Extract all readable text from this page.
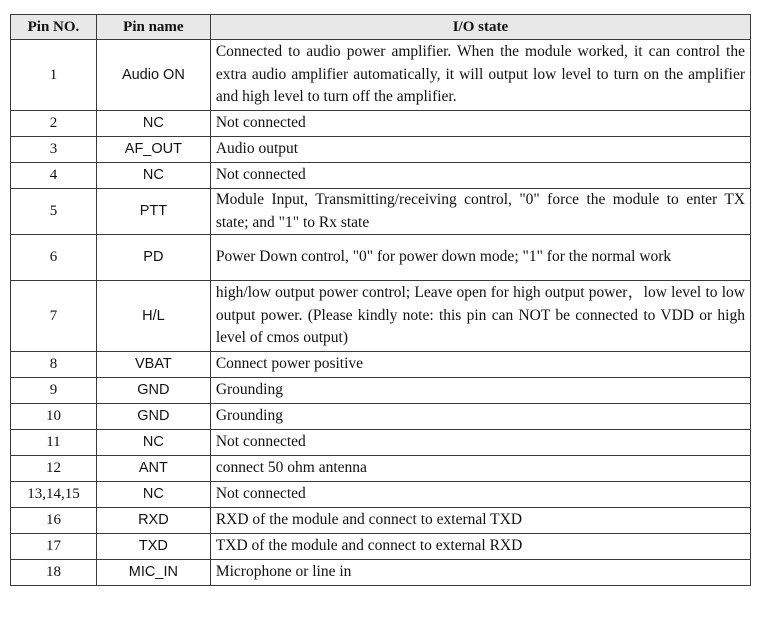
Pin NO.	Pin name	I/O state
1	Audio ON	Connected to audio power amplifier. When the module worked, it can control the extra audio amplifier automatically, it will output low level to turn on the amplifier and high level to turn off the amplifier.
2	NC	Not connected
3	AF_OUT	Audio output
4	NC	Not connected
5	PTT	Module Input, Transmitting/receiving control, "0" force the module to enter TX state; and "1" to Rx state
6	PD	Power Down control, "0" for power down mode; "1" for the normal work
7	H/L	high/low output power control; Leave open for high output power，low level to low output power. (Please kindly note: this pin can NOT be connected to VDD or high level of cmos output)
8	VBAT	Connect power positive
9	GND	Grounding
10	GND	Grounding
11	NC	Not connected
12	ANT	connect 50 ohm antenna
13,14,15	NC	Not connected
16	RXD	RXD of the module and connect to external TXD
17	TXD	TXD of the module and connect to external RXD
18	MIC_IN	Microphone or line in
